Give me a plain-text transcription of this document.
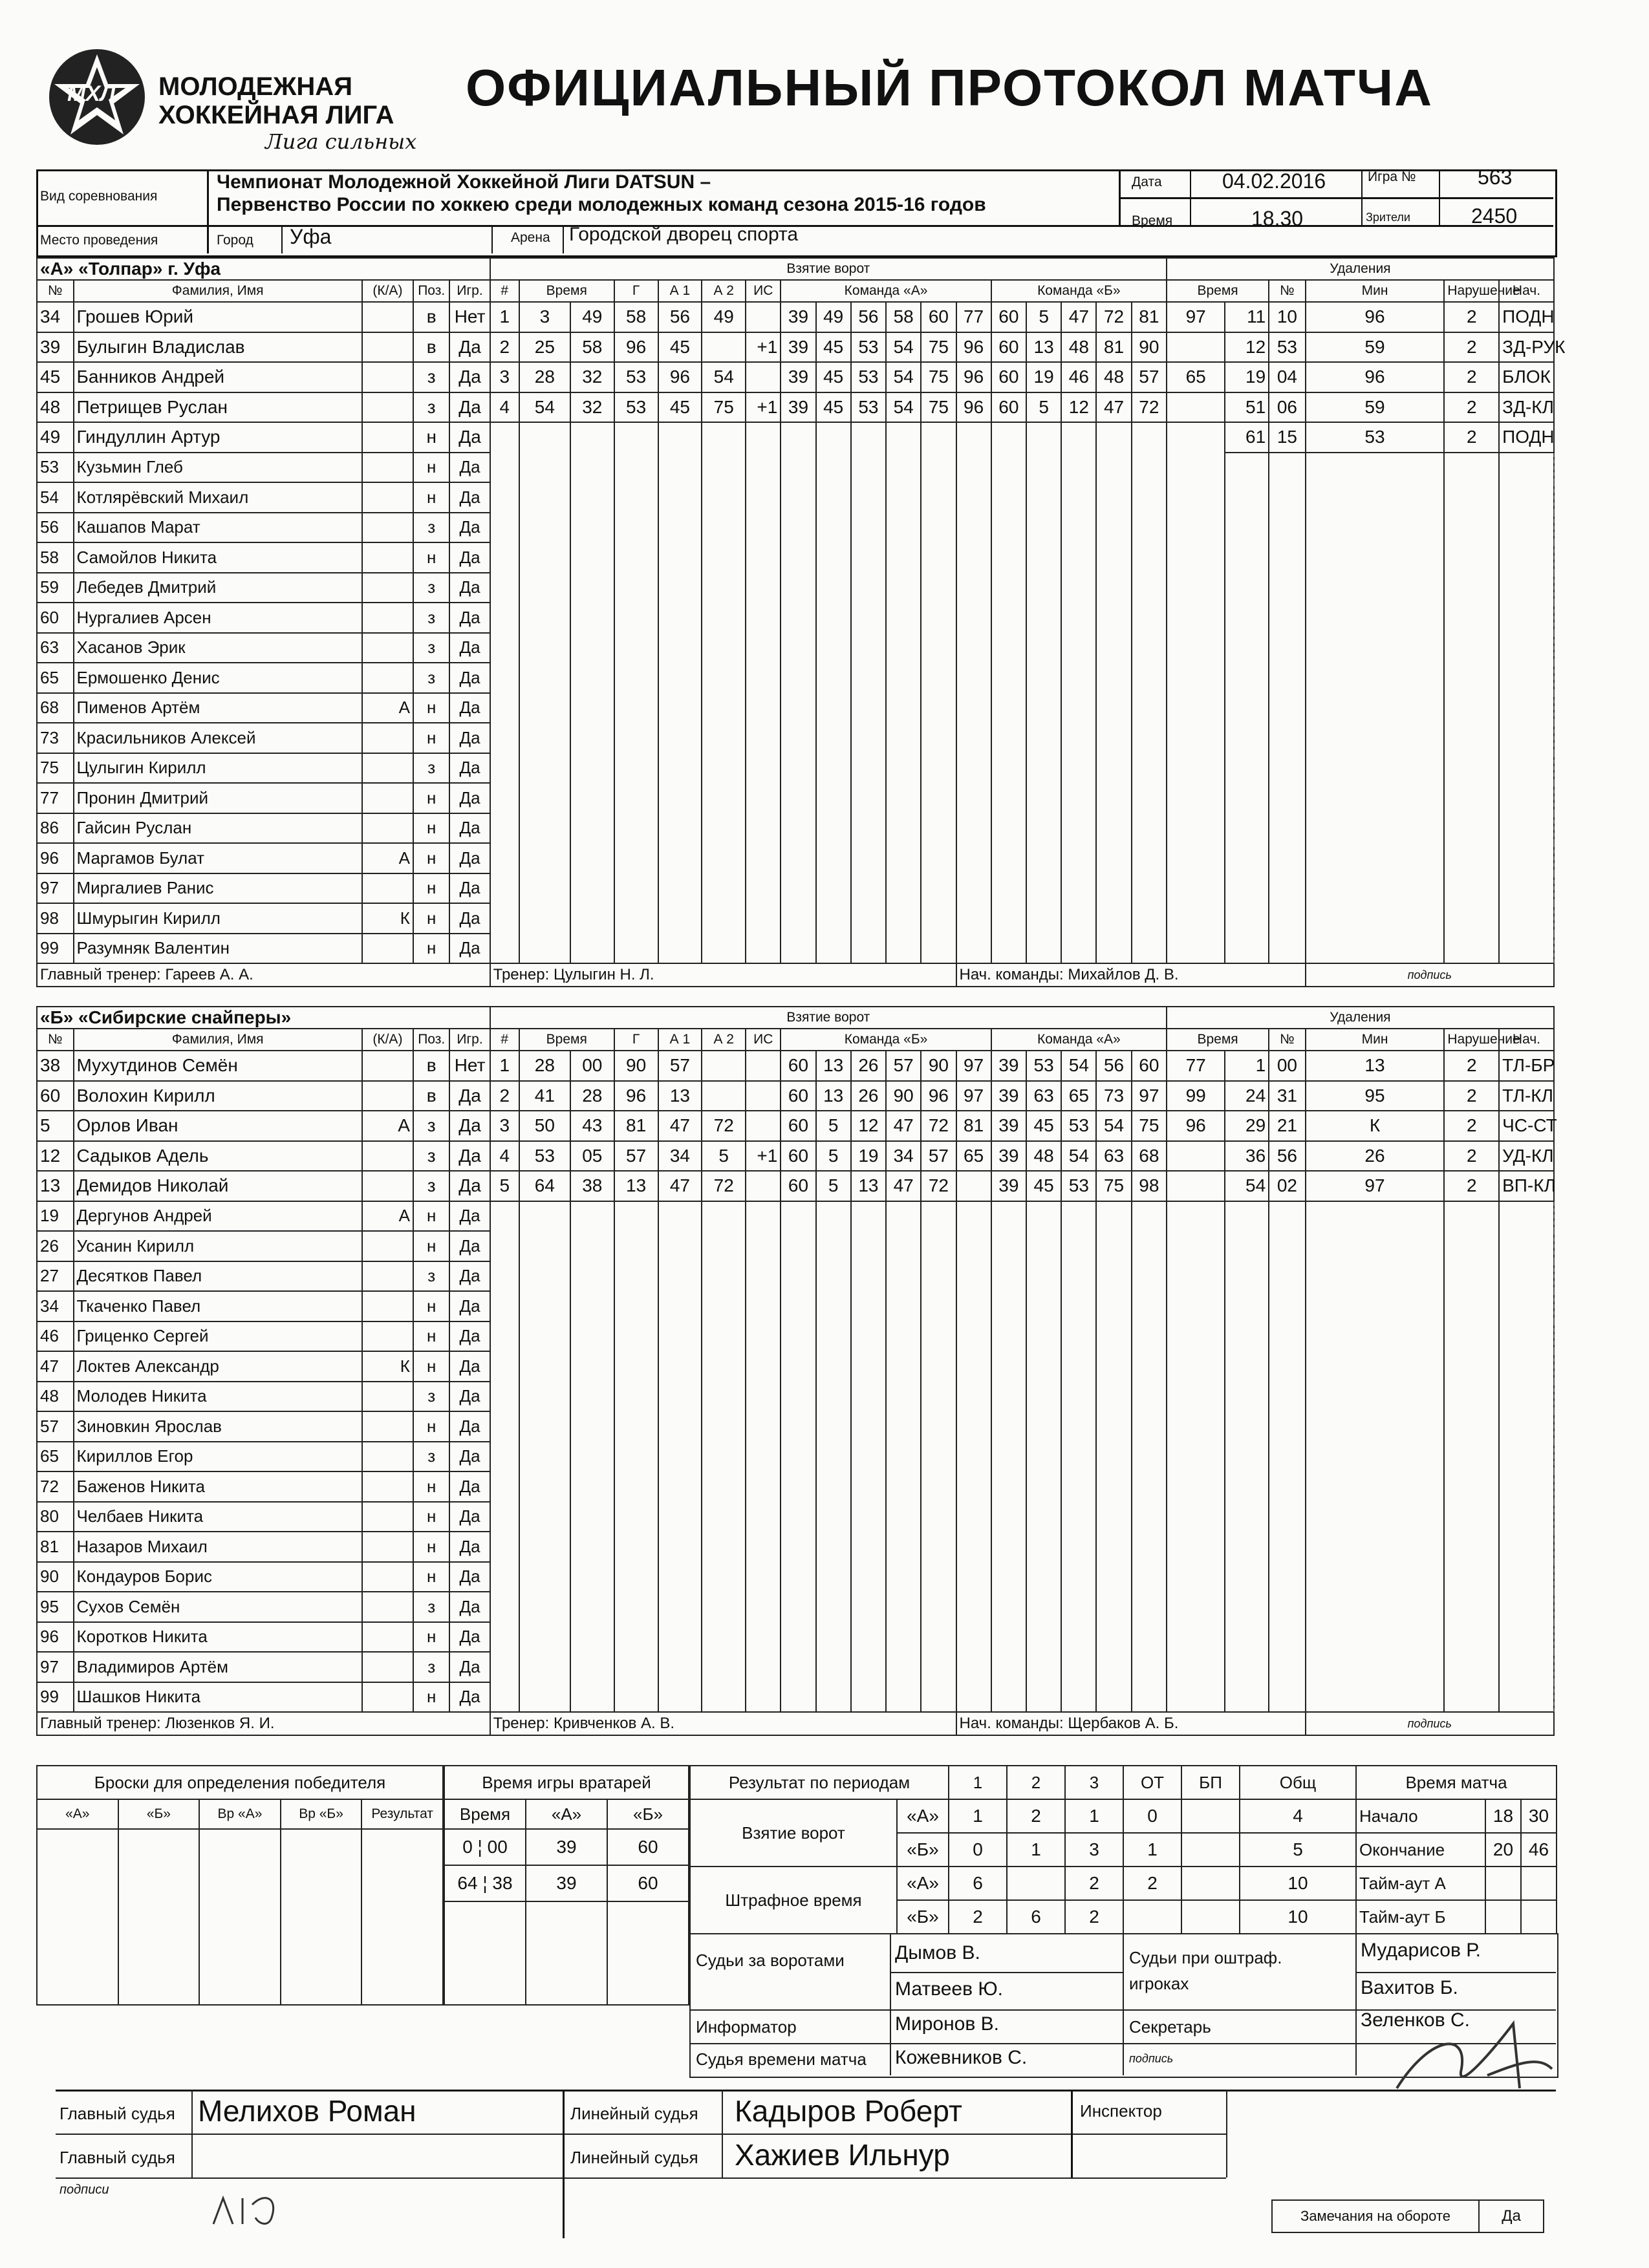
МХЛ МОЛОДЕЖНАЯ
ХОККЕЙНАЯ ЛИГА
Лига сильных
ОФИЦИАЛЬНЫЙ ПРОТОКОЛ МАТЧА
Вид соревнования
Чемпионат Молодежной Хоккейной Лиги DATSUN –
Первенство России по хоккею среди молодежных команд сезона 2015-16 годов
Дата	04.02.2016	Игра №	563
Время	18.30	Зрители	2450
Место проведения	Город Уфа	Арена Городской дворец спорта
«А» «Толпар» г. Уфа					Взятие ворот																		Удаления						
№	Фамилия, Имя	(К/А)	Поз.	Игр.	#	Время		Г	А 1	А 2	ИС	Команда «А»						Команда «Б»					Время		№	Мин	Нарушение	Нач.	
34	Грошев Юрий		в	Нет	1	3	49	58	56	49		39	49	56	58	60	77	60	5	47	72	81	97	11	10	96	2	ПОДН		
39	Булыгин Владислав		в	Да	2	25	58	96	45		+1	39	45	53	54	75	96	60	13	48	81	90		12	53	59	2	ЗД-РУК		
45	Банников Андрей		з	Да	3	28	32	53	96	54		39	45	53	54	75	96	60	19	46	48	57	65	19	04	96	2	БЛОК		
48	Петрищев Руслан		з	Да	4	54	32	53	45	75	+1	39	45	53	54	75	96	60	5	12	47	72		51	06	59	2	ЗД-КЛ		
49	Гиндуллин Артур		н	Да																				61	15	53	2	ПОДН		
53	Кузьмин Глеб		н	Да																										
54	Котлярёвский Михаил		н	Да																										
56	Кашапов Марат		з	Да																										
58	Самойлов Никита		н	Да																										
59	Лебедев Дмитрий		з	Да																										
60	Нургалиев Арсен		з	Да																										
63	Хасанов Эрик		з	Да																										
65	Ермошенко Денис		з	Да																										
68	Пименов Артём	А	н	Да																										
73	Красильников Алексей		н	Да																										
75	Цулыгин Кирилл		з	Да																										
77	Пронин Дмитрий		н	Да																										
86	Гайсин Руслан		н	Да																										
96	Маргамов Булат	А	н	Да																										
97	Миргалиев Ранис		н	Да																										
98	Шмурыгин Кирилл	К	н	Да																										
99	Разумняк Валентин		н	Да																										
Главный тренер: Гареев А. А.					Тренер: Цулыгин Н. Л.												Нач. команды: Михайлов Д. В.									подпись			
«Б» «Сибирские снайперы»					Взятие ворот																		Удаления						
№	Фамилия, Имя	(К/А)	Поз.	Игр.	#	Время		Г	А 1	А 2	ИС	Команда «Б»						Команда «А»					Время		№	Мин	Нарушение	Нач.	
38	Мухутдинов Семён		в	Нет	1	28	00	90	57			60	13	26	57	90	97	39	53	54	56	60	77	1	00	13	2	ТЛ-БР		
60	Волохин Кирилл		в	Да	2	41	28	96	13			60	13	26	90	96	97	39	63	65	73	97	99	24	31	95	2	ТЛ-КЛ		
5	Орлов Иван	А	з	Да	3	50	43	81	47	72		60	5	12	47	72	81	39	45	53	54	75	96	29	21	К	2	ЧС-СТ		
12	Садыков Адель		з	Да	4	53	05	57	34	5	+1	60	5	19	34	57	65	39	48	54	63	68		36	56	26	2	УД-КЛ		
13	Демидов Николай		з	Да	5	64	38	13	47	72		60	5	13	47	72		39	45	53	75	98		54	02	97	2	ВП-КЛ		
19	Дергунов Андрей	А	н	Да																										
26	Усанин Кирилл		н	Да																										
27	Десятков Павел		з	Да																										
34	Ткаченко Павел		н	Да																										
46	Гриценко Сергей		н	Да																										
47	Локтев Александр	К	н	Да																										
48	Молодев Никита		з	Да																										
57	Зиновкин Ярослав		н	Да																										
65	Кириллов Егор		з	Да																										
72	Баженов Никита		н	Да																										
80	Челбаев Никита		н	Да																										
81	Назаров Михаил		н	Да																										
90	Кондауров Борис		н	Да																										
95	Сухов Семён		з	Да																										
96	Коротков Никита		н	Да																										
97	Владимиров Артём		з	Да																										
99	Шашков Никита		н	Да																										
Главный тренер: Люзенков Я. И.					Тренер: Кривченков А. В.												Нач. команды: Щербаков А. Б.									подпись			
Броски для определения победителя				
«А»	«Б»	Вр «А»	Вр «Б»	Результат

Время игры вратарей		
Время	«А»	«Б»
0 ¦ 00	39	60
64 ¦ 38	39	60

Результат по периодам		1	2	3	ОТ	БП	Общ
Взятие ворот	«А»	1	2	1	0		4
	«Б»	0	1	3	1		5
Штрафное время	«А»	6		2	2		10
	«Б»	2	6	2			10
Время матча		
Начало	18	30
Окончание	20	46
Тайм-аут А		
Тайм-аут Б		
Судьи за воротами	Дымов В.
Матвеев Ю.
Судьи при оштраф. игроках
Мударисов Р.
Вахитов Б.
Информатор	Миронов В.	Секретарь	Зеленков С.
Судья времени матча Кожевников С.	подпись
Главный судья Мелихов Роман
Главный судья
Линейный судья Кадыров Роберт
Линейный судья Хажиев Ильнур
Инспектор
подписи
Замечания на обороте	Да
